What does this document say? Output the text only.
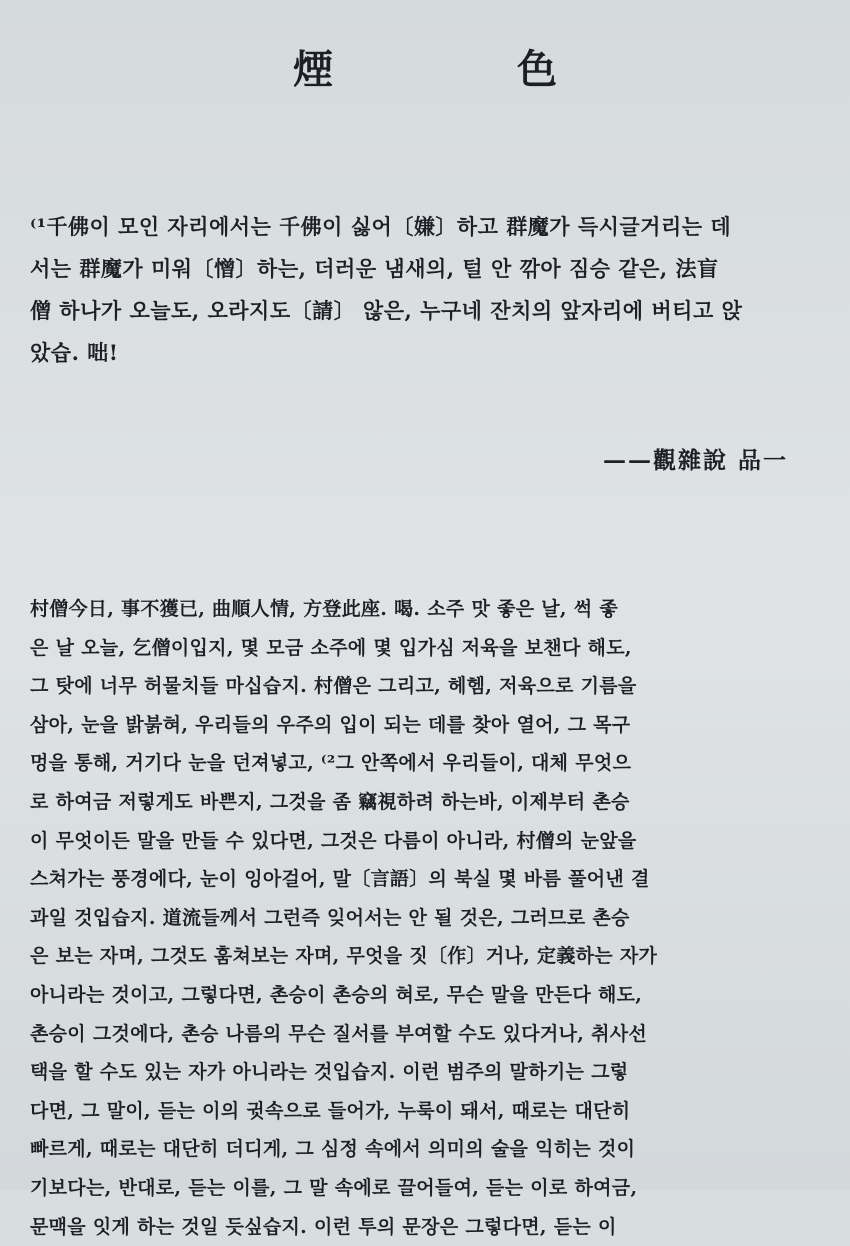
煙　色
⁽¹千佛이 모인 자리에서는 千佛이 싫어〔嫌〕하고 群魔가 득시글거리는 데
서는 群魔가 미워〔憎〕하는, 더러운 냄새의, 털 안 깎아 짐승 같은, 法盲
僧 하나가 오늘도, 오라지도〔請〕 않은, 누구네 잔치의 앞자리에 버티고 앉
았습. 咄!
——觀雜說 品一
村僧今日, 事不獲已, 曲順人情, 方登此座. 喝. 소주 맛 좋은 날, 썩 좋
은 날 오늘, 乞僧이입지, 몇 모금 소주에 몇 입가심 저육을 보챈다 해도,
그 탓에 너무 허물치들 마십습지. 村僧은 그리고, 헤헴, 저육으로 기름을
삼아, 눈을 밝붉혀, 우리들의 우주의 입이 되는 데를 찾아 열어, 그 목구
멍을 통해, 거기다 눈을 던져넣고, ⁽²그 안쪽에서 우리들이, 대체 무엇으
로 하여금 저렇게도 바쁜지, 그것을 좀 竊視하려 하는바, 이제부터 촌승
이 무엇이든 말을 만들 수 있다면, 그것은 다름이 아니라, 村僧의 눈앞을
스쳐가는 풍경에다, 눈이 잉아걸어, 말〔言語〕의 북실 몇 바름 풀어낸 결
과일 것입습지. 道流들께서 그런즉 잊어서는 안 될 것은, 그러므로 촌승
은 보는 자며, 그것도 훔쳐보는 자며, 무엇을 짓〔作〕거나, 定義하는 자가
아니라는 것이고, 그렇다면, 촌승이 촌승의 혀로, 무슨 말을 만든다 해도,
촌승이 그것에다, 촌승 나름의 무슨 질서를 부여할 수도 있다거나, 취사선
택을 할 수도 있는 자가 아니라는 것입습지. 이런 범주의 말하기는 그렇
다면, 그 말이, 듣는 이의 귓속으로 들어가, 누룩이 돼서, 때로는 대단히
빠르게, 때로는 대단히 더디게, 그 심정 속에서 의미의 술을 익히는 것이
기보다는, 반대로, 듣는 이를, 그 말 속에로 끌어들여, 듣는 이로 하여금,
문맥을 잇게 하는 것일 듯싶습지. 이런 투의 문장은 그렇다면, 듣는 이
